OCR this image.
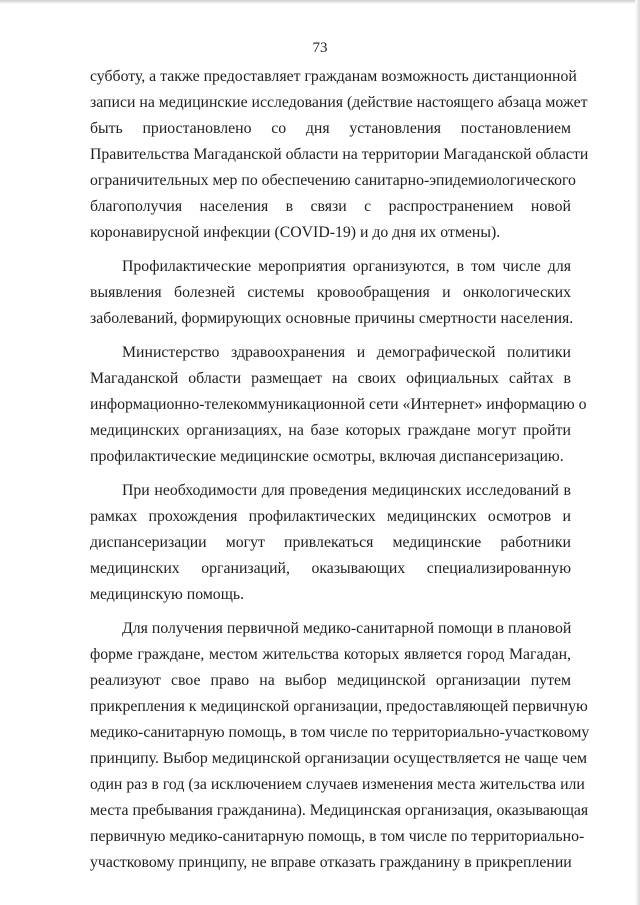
73
субботу, а также предоставляет гражданам возможность дистанционной
записи на медицинские исследования (действие настоящего абзаца может
быть приостановлено со дня установления постановлением
Правительства Магаданской области на территории Магаданской области
ограничительных мер по обеспечению санитарно-эпидемиологического
благополучия населения в связи с распространением новой
коронавирусной инфекции (COVID-19) и до дня их отмены).
Профилактические мероприятия организуются, в том числе для
выявления болезней системы кровообращения и онкологических
заболеваний, формирующих основные причины смертности населения.
Министерство здравоохранения и демографической политики
Магаданской области размещает на своих официальных сайтах в
информационно-телекоммуникационной сети «Интернет» информацию о
медицинских организациях, на базе которых граждане могут пройти
профилактические медицинские осмотры, включая диспансеризацию.
При необходимости для проведения медицинских исследований в
рамках прохождения профилактических медицинских осмотров и
диспансеризации могут привлекаться медицинские работники
медицинских организаций, оказывающих специализированную
медицинскую помощь.
Для получения первичной медико-санитарной помощи в плановой
форме граждане, местом жительства которых является город Магадан,
реализуют свое право на выбор медицинской организации путем
прикрепления к медицинской организации, предоставляющей первичную
медико-санитарную помощь, в том числе по территориально-участковому
принципу. Выбор медицинской организации осуществляется не чаще чем
один раз в год (за исключением случаев изменения места жительства или
места пребывания гражданина). Медицинская организация, оказывающая
первичную медико-санитарную помощь, в том числе по территориально-
участковому принципу, не вправе отказать гражданину в прикреплении
